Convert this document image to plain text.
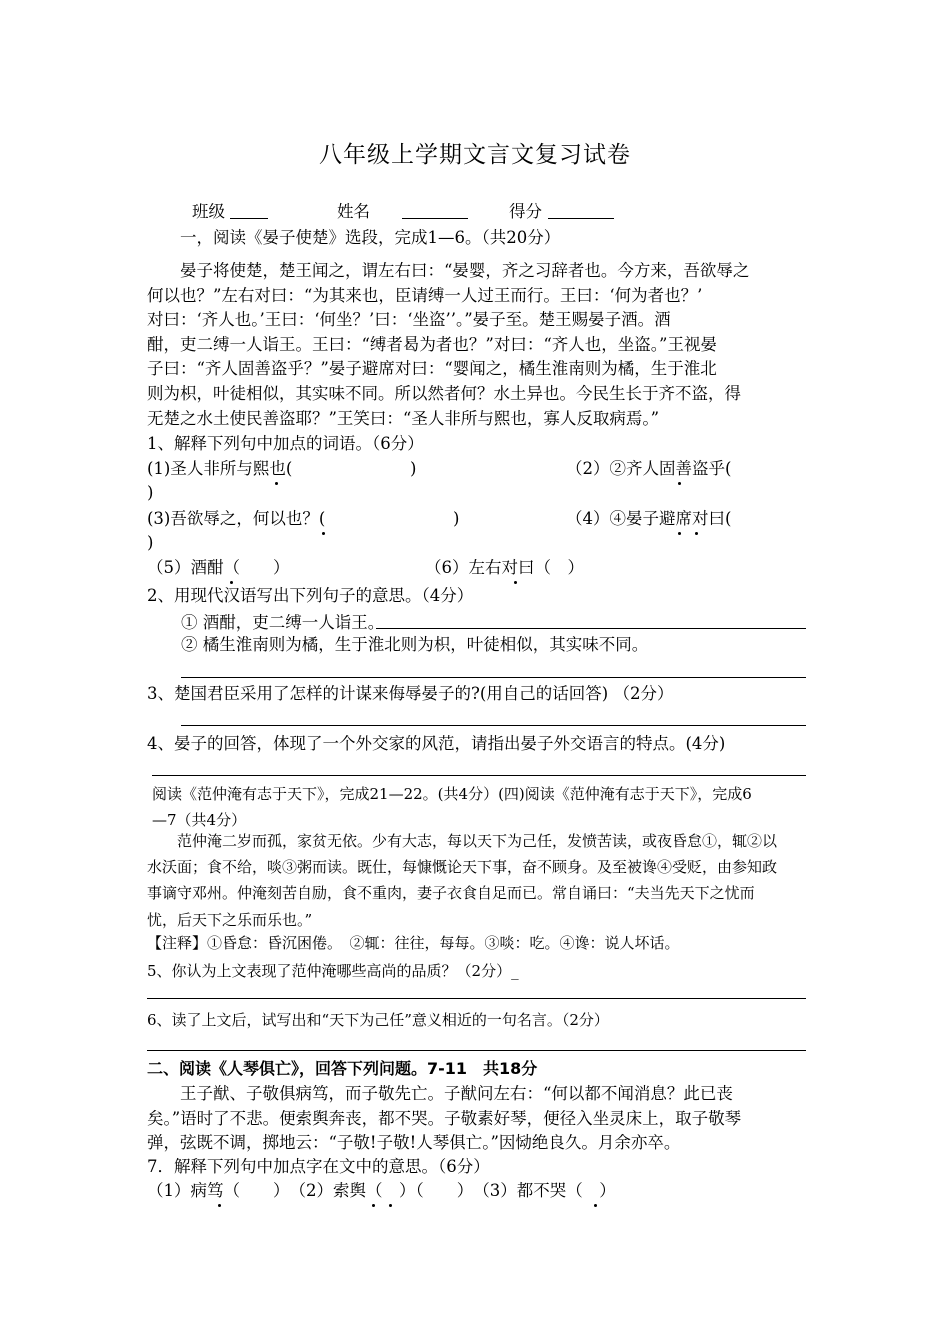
八年级上学期文言文复习试卷
班级	姓名	得分
一，阅读《晏子使楚》选段，完成1—6。（共20分）
晏子将使楚，楚王闻之，谓左右曰：“晏婴，齐之习辞者也。今方来，吾欲辱之
何以也？”左右对曰：“为其来也，臣请缚一人过王而行。王曰：‘何为者也？’
对曰：‘齐人也。’王曰：‘何坐？’曰：‘坐盗’’。”晏子至。楚王赐晏子酒。酒
酣，吏二缚一人诣王。王曰：“缚者曷为者也？”对曰：“齐人也，坐盗。”王视晏
子曰：“齐人固善盗乎？”晏子避席对曰：“婴闻之，橘生淮南则为橘，生于淮北
则为枳，叶徒相似，其实味不同。所以然者何？水土异也。今民生长于齐不盗，得
无楚之水土使民善盗耶？”王笑曰：“圣人非所与熙也，寡人反取病焉。”
1、解释下列句中加点的词语。（6分）
(1)圣人非所与熙也(	)	（2）②齐人固善盗乎(
)
(3)吾欲辱之，何以也？(	)	（4）④晏子避席对曰(
)
（5）酒酣（　　）	（6）左右对曰（　）
2、用现代汉语写出下列句子的意思。（4分）
① 酒酣，吏二缚一人诣王。
② 橘生淮南则为橘，生于淮北则为枳，叶徒相似，其实味不同。
3、楚国君臣采用了怎样的计谋来侮辱晏子的?(用自己的话回答) （2分）
4、晏子的回答，体现了一个外交家的风范，请指出晏子外交语言的特点。(4分)
阅读《范仲淹有志于天下》，完成21—22。(共4分）(四)阅读《范仲淹有志于天下》，完成6
—7（共4分）
范仲淹二岁而孤，家贫无依。少有大志，每以天下为己任，发愤苦读，或夜昏怠①，辄②以
水沃面；食不给，啖③粥而读。既仕，每慷慨论天下事，奋不顾身。及至被谗④受贬，由参知政
事谪守邓州。仲淹刻苦自励，食不重肉，妻子衣食自足而已。常自诵曰：“夫当先天下之忧而
忧，后天下之乐而乐也。”
【注释】①昏怠：昏沉困倦。　②辄：往往，每每。③啖：吃。④谗：说人坏话。
5、你认为上文表现了范仲淹哪些高尚的品质？（2分）_
6、读了上文后，试写出和“天下为己任”意义相近的一句名言。（2分）
二、阅读《人琴俱亡》，回答下列问题。7-11　共18分
王子猷、子敬俱病笃，而子敬先亡。子猷问左右：“何以都不闻消息？此已丧
矣。”语时了不悲。便索舆奔丧，都不哭。子敬素好琴，便径入坐灵床上，取子敬琴
弹，弦既不调，掷地云：“子敬!子敬!人琴俱亡。”因恸绝良久。月余亦卒。
7．解释下列句中加点字在文中的意思。（6分）
（1）病笃（　　）　（2）索舆（　）（　　）　（3）都不哭（　）
